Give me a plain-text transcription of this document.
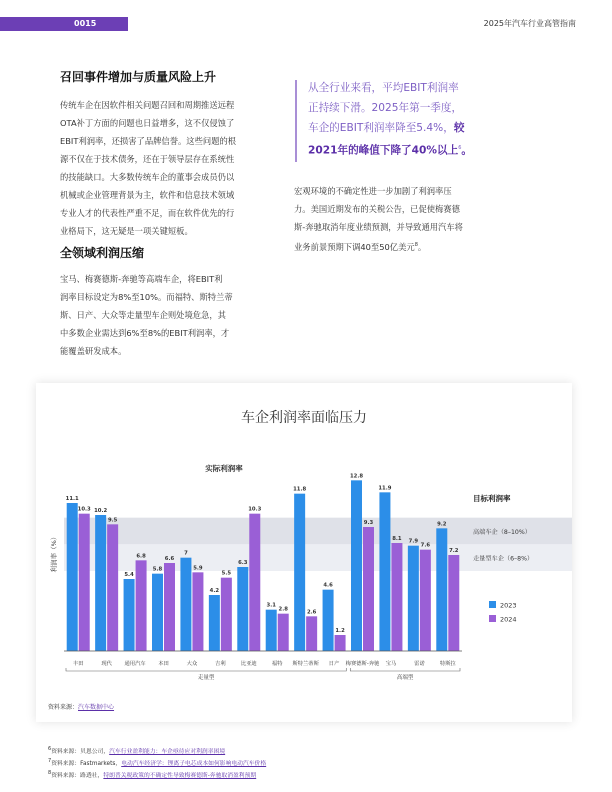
0015	2025年汽车行业高管指南
召回事件增加与质量风险上升
传统车企在因软件相关问题召回和周期推送远程
OTA补丁方面的问题也日益增多，这不仅侵蚀了
EBIT利润率，还损害了品牌信誉。这些问题的根
源不仅在于技术债务，还在于领导层存在系统性
的技能缺口。大多数传统车企的董事会成员仍以
机械或企业管理背景为主，软件和信息技术领域
专业人才的代表性严重不足，而在软件优先的行
业格局下，这无疑是一项关键短板。
全领域利润压缩
宝马、梅赛德斯-奔驰等高端车企，将EBIT利
润率目标设定为8%至10%。而福特、斯特兰蒂
斯、日产、大众等走量型车企则处境危急，其
中多数企业需达到6%至8%的EBIT利润率，才
能覆盖研发成本。
从全行业来看，平均EBIT利润率
正持续下滑。2025年第一季度，
车企的EBIT利润率降至5.4%，较
2021年的峰值下降了40%以上$^6$。
宏观环境的不确定性进一步加剧了利润率压
力。美国近期发布的关税公告，已促使梅赛德
斯-奔驰取消年度业绩预测，并导致通用汽车将
业务前景预期下调40至50亿美元$^8$。
车企利润率面临压力
高端车企（8–10%）
走量型车企（6–8%）
目标利润率
实际利润率
利润率（%）
11.1
10.3
丰田
10.2
9.5
现代
5.4
6.8
通用汽车
5.8
6.6
本田
7
5.9
大众
4.2
5.5
吉利
6.3
10.3
比亚迪
3.1
2.8
福特
11.8
2.6
斯特兰蒂斯
4.6
1.2
日产
12.8
9.3
梅赛德斯-奔驰
11.9
8.1
宝马
7.9
7.6
雷诺
9.2
7.2
特斯拉
走量型	高端型
2023
2024
资料来源：汽车数据中心
$^6$资料来源：贝恩公司，汽车行业盈利能力：车企亟待应对利润率困境
$^7$资料来源：Fastmarkets，电动汽车经济学：锂离子电芯成本如何影响电动汽车价格
$^8$资料来源：路透社，特朗普关税政策的不确定性导致梅赛德斯-奔驰取消盈利预期
